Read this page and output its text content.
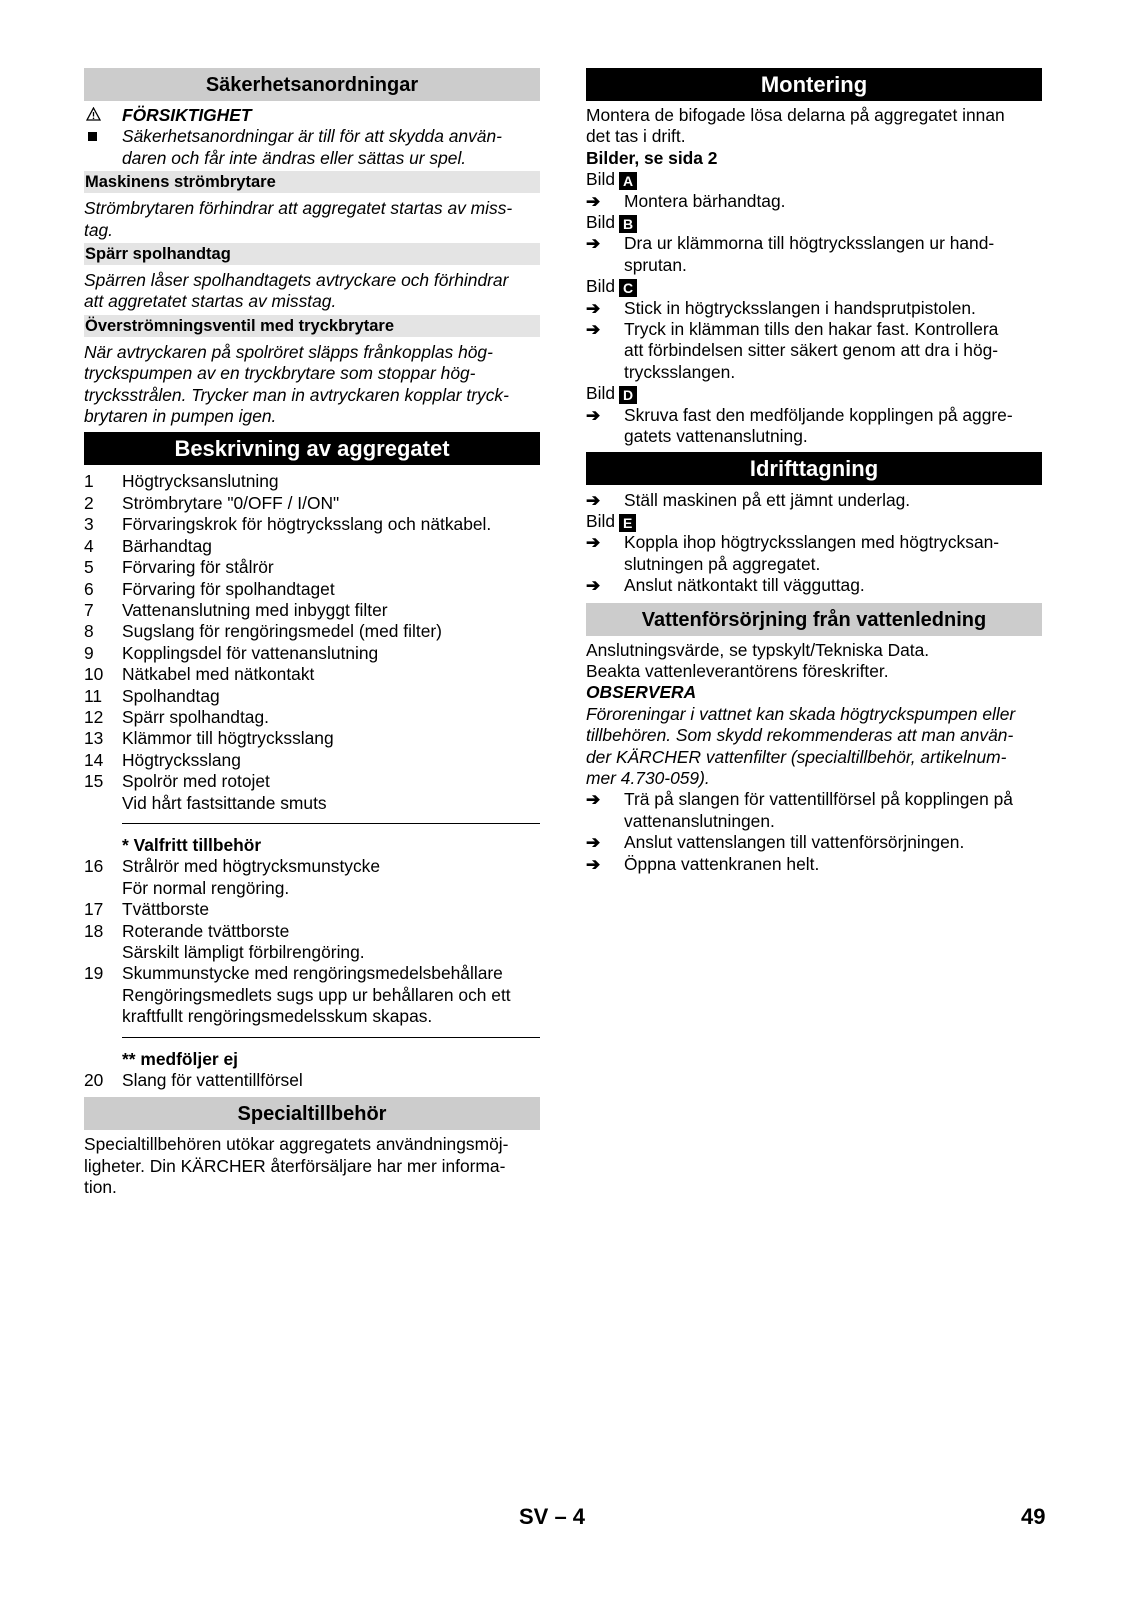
Säkerhetsanordningar
FÖRSIKTIGHET
Säkerhetsanordningar är till för att skydda använ-
daren och får inte ändras eller sättas ur spel.
Maskinens strömbrytare
Strömbrytaren förhindrar att aggregatet startas av miss-
tag.
Spärr spolhandtag
Spärren låser spolhandtagets avtryckare och förhindrar
att aggretatet startas av misstag.
Överströmningsventil med tryckbrytare
När avtryckaren på spolröret släpps frånkopplas hög-
tryckspumpen av en tryckbrytare som stoppar hög-
trycksstrålen. Trycker man in avtryckaren kopplar tryck-
brytaren in pumpen igen.
Beskrivning av aggregatet
1	Högtrycksanslutning
2	Strömbrytare "0/OFF / I/ON"
3	Förvaringskrok för högtrycksslang och nätkabel.
4	Bärhandtag
5	Förvaring för stålrör
6	Förvaring för spolhandtaget
7	Vattenanslutning med inbyggt filter
8	Sugslang för rengöringsmedel (med filter)
9	Kopplingsdel för vattenanslutning
10	Nätkabel med nätkontakt
11	Spolhandtag
12	Spärr spolhandtag.
13	Klämmor till högtrycksslang
14	Högtrycksslang
15	Spolrör med rotojet
Vid hårt fastsittande smuts
* Valfritt tillbehör
16	Strålrör med högtrycksmunstycke
För normal rengöring.
17	Tvättborste
18	Roterande tvättborste
Särskilt lämpligt förbilrengöring.
19	Skummunstycke med rengöringsmedelsbehållare
Rengöringsmedlets sugs upp ur behållaren och ett
kraftfullt rengöringsmedelsskum skapas.
** medföljer ej
20	Slang för vattentillförsel
Specialtillbehör
Specialtillbehören utökar aggregatets användningsmöj-
ligheter. Din KÄRCHER återförsäljare har mer informa-
tion.
Montering
Montera de bifogade lösa delarna på aggregatet innan
det tas i drift.
Bilder, se sida 2
Bild A
➔	Montera bärhandtag.
Bild B
➔	Dra ur klämmorna till högtrycksslangen ur hand-
sprutan.
Bild C
➔	Stick in högtrycksslangen i handsprutpistolen.
➔	Tryck in klämman tills den hakar fast. Kontrollera
att förbindelsen sitter säkert genom att dra i hög-
trycksslangen.
Bild D
➔	Skruva fast den medföljande kopplingen på aggre-
gatets vattenanslutning.
Idrifttagning
➔	Ställ maskinen på ett jämnt underlag.
Bild E
➔	Koppla ihop högtrycksslangen med högtrycksan-
slutningen på aggregatet.
➔	Anslut nätkontakt till vägguttag.
Vattenförsörjning från vattenledning
Anslutningsvärde, se typskylt/Tekniska Data.
Beakta vattenleverantörens föreskrifter.
OBSERVERA
Föroreningar i vattnet kan skada högtryckspumpen eller
tillbehören. Som skydd rekommenderas att man använ-
der KÄRCHER vattenfilter (specialtillbehör, artikelnum-
mer 4.730-059).
➔	Trä på slangen för vattentillförsel på kopplingen på
vattenanslutningen.
➔	Anslut vattenslangen till vattenförsörjningen.
➔	Öppna vattenkranen helt.
SV – 4	49
